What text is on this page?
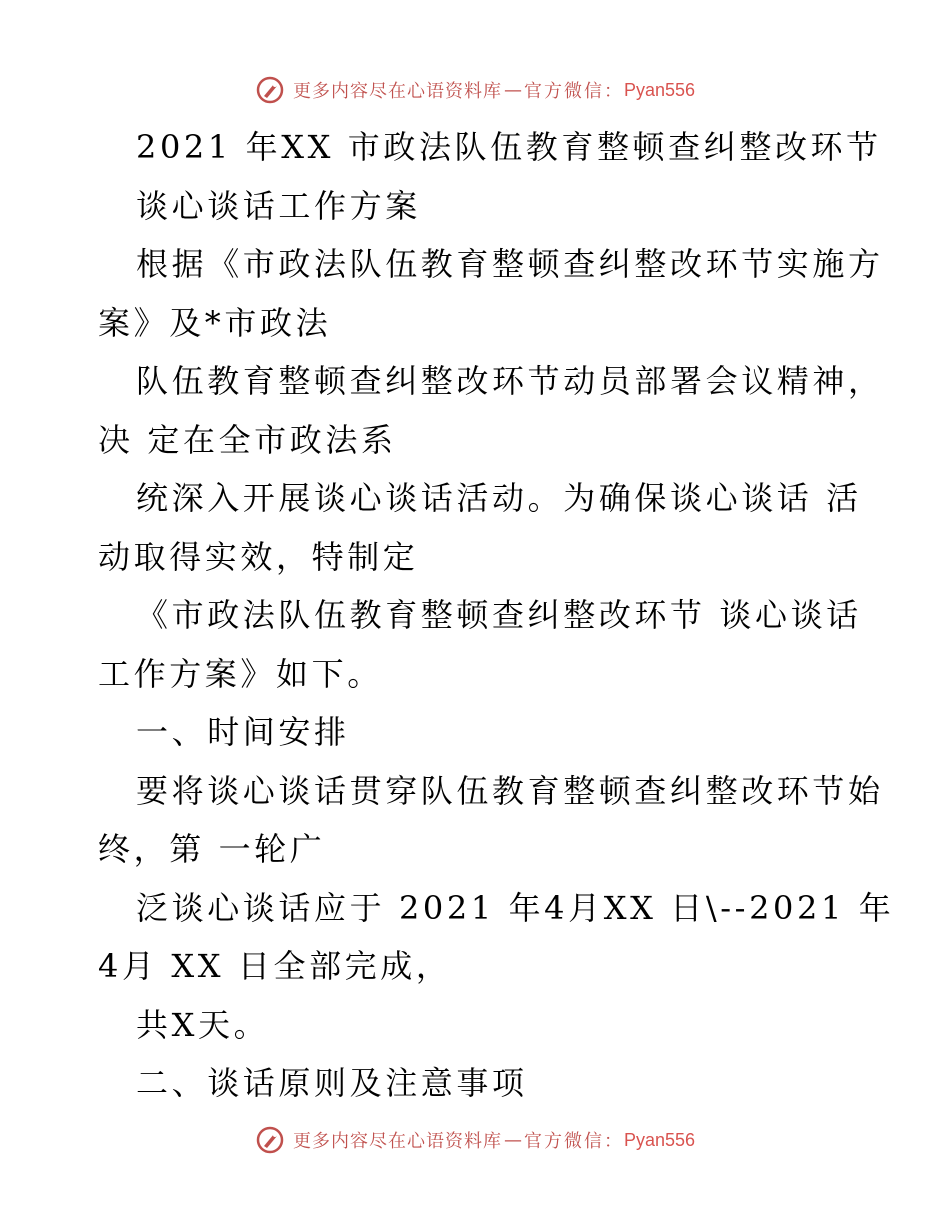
更多内容尽在心语资料库 — 官方微信： Pyan556
2021 年XX 市政法队伍教育整顿查纠整改环节
谈心谈话工作方案
根据《市政法队伍教育整顿查纠整改环节实施方
案》及*市政法
队伍教育整顿查纠整改环节动员部署会议精神，
决 定在全市政法系
统深入开展谈心谈话活动。为确保谈心谈话 活
动取得实效，特制定
《市政法队伍教育整顿查纠整改环节 谈心谈话
工作方案》如下。
一、时间安排
要将谈心谈话贯穿队伍教育整顿查纠整改环节始
终，第 一轮广
泛谈心谈话应于 2021 年4月XX 日\--2021 年
4月 XX 日全部完成，
共X天。
二、谈话原则及注意事项
更多内容尽在心语资料库 — 官方微信： Pyan556
